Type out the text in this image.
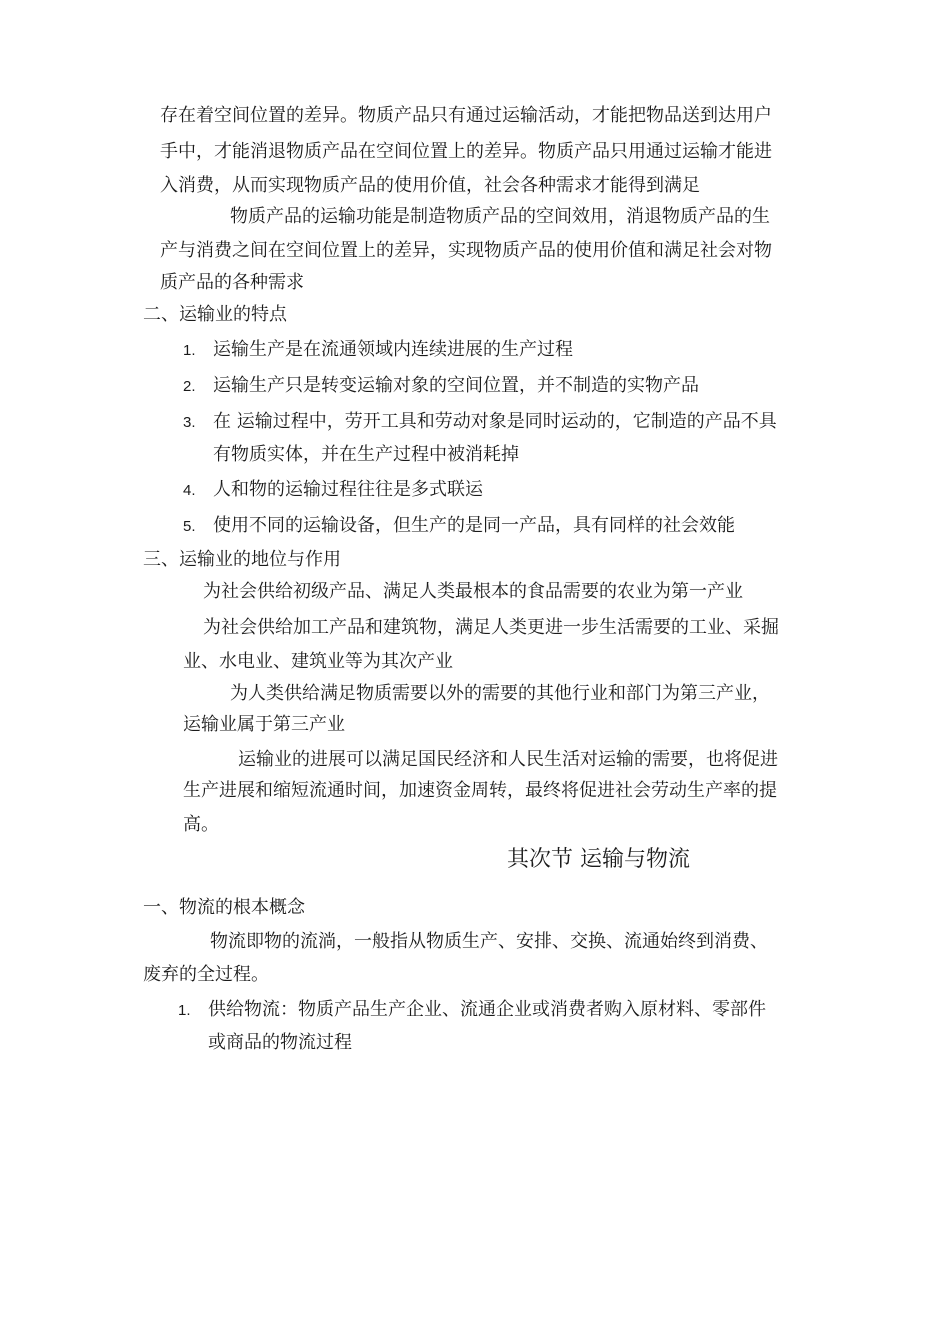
存在着空间位置的差异。物质产品只有通过运输活动，才能把物品送到达用户
手中，才能消退物质产品在空间位置上的差异。物质产品只用通过运输才能进
入消费，从而实现物质产品的使用价值，社会各种需求才能得到满足
物质产品的运输功能是制造物质产品的空间效用，消退物质产品的生
产与消费之间在空间位置上的差异，实现物质产品的使用价值和满足社会对物
质产品的各种需求
二、运输业的特点
1. 运输生产是在流通领域内连续进展的生产过程
2. 运输生产只是转变运输对象的空间位置，并不制造的实物产品
3. 在 运输过程中，劳开工具和劳动对象是同时运动的，它制造的产品不具
有物质实体，并在生产过程中被消耗掉
4. 人和物的运输过程往往是多式联运
5. 使用不同的运输设备，但生产的是同一产品，具有同样的社会效能
三、运输业的地位与作用
为社会供给初级产品、满足人类最根本的食品需要的农业为第一产业
为社会供给加工产品和建筑物，满足人类更进一步生活需要的工业、采掘
业、水电业、建筑业等为其次产业
为人类供给满足物质需要以外的需要的其他行业和部门为第三产业，
运输业属于第三产业
运输业的进展可以满足国民经济和人民生活对运输的需要，也将促进
生产进展和缩短流通时间，加速资金周转，最终将促进社会劳动生产率的提
高。
其次节 运输与物流
一、物流的根本概念
物流即物的流淌，一般指从物质生产、安排、交换、流通始终到消费、
废弃的全过程。
1. 供给物流：物质产品生产企业、流通企业或消费者购入原材料、零部件
或商品的物流过程
